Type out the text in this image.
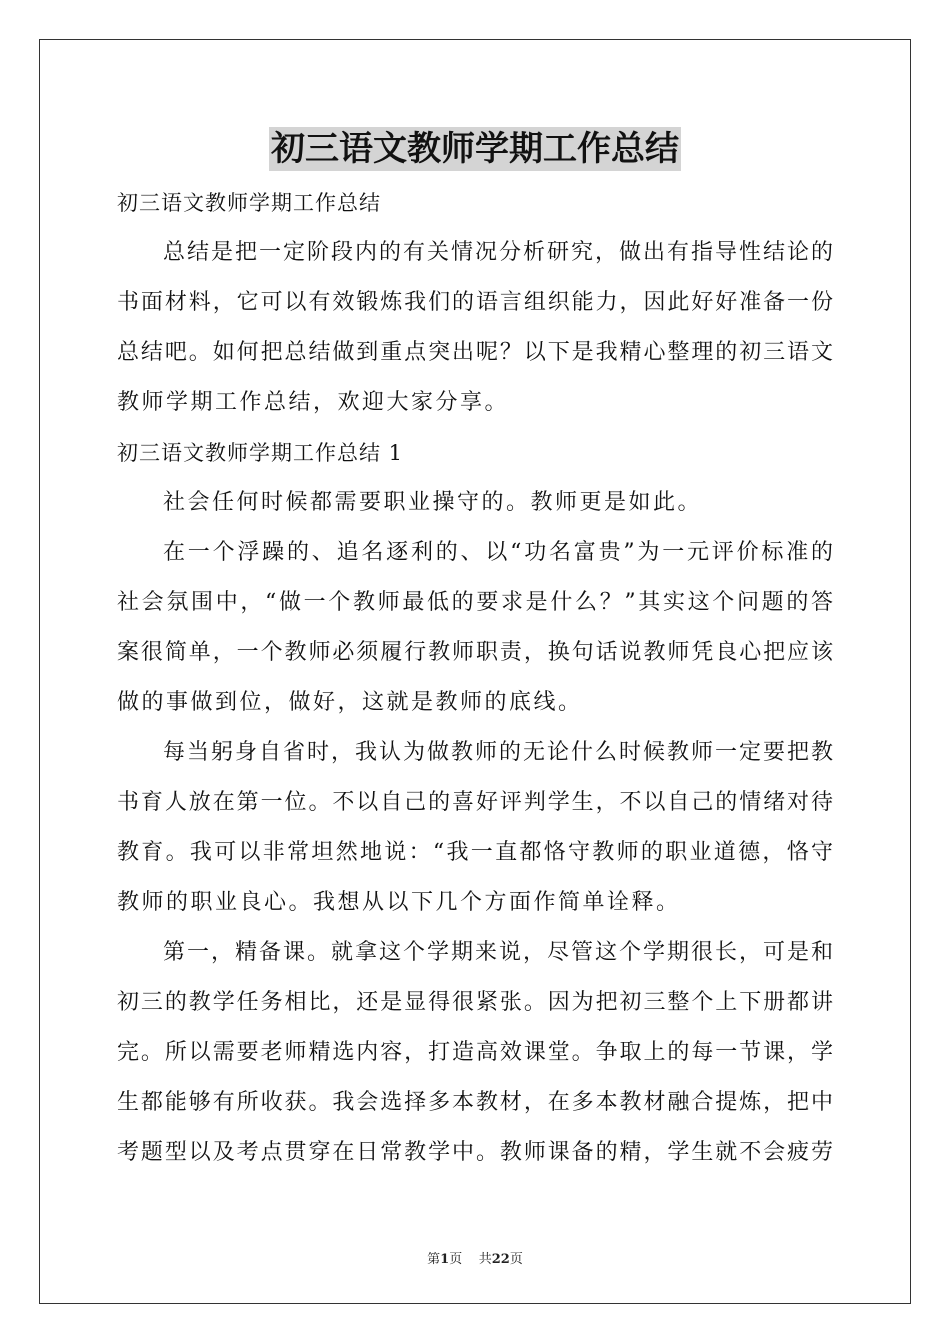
初三语文教师学期工作总结
初三语文教师学期工作总结
总结是把一定阶段内的有关情况分析研究，做出有指导性结论的
书面材料，它可以有效锻炼我们的语言组织能力，因此好好准备一份
总结吧。如何把总结做到重点突出呢？以下是我精心整理的初三语文
教师学期工作总结，欢迎大家分享。
初三语文教师学期工作总结 1
社会任何时候都需要职业操守的。教师更是如此。
在一个浮躁的、追名逐利的、以“功名富贵”为一元评价标准的
社会氛围中，“做一个教师最低的要求是什么？”其实这个问题的答
案很简单，一个教师必须履行教师职责，换句话说教师凭良心把应该
做的事做到位，做好，这就是教师的底线。
每当躬身自省时，我认为做教师的无论什么时候教师一定要把教
书育人放在第一位。不以自己的喜好评判学生，不以自己的情绪对待
教育。我可以非常坦然地说：“我一直都恪守教师的职业道德，恪守
教师的职业良心。我想从以下几个方面作简单诠释。
第一，精备课。就拿这个学期来说，尽管这个学期很长，可是和
初三的教学任务相比，还是显得很紧张。因为把初三整个上下册都讲
完。所以需要老师精选内容，打造高效课堂。争取上的每一节课，学
生都能够有所收获。我会选择多本教材，在多本教材融合提炼，把中
考题型以及考点贯穿在日常教学中。教师课备的精，学生就不会疲劳
第1页 共22页
